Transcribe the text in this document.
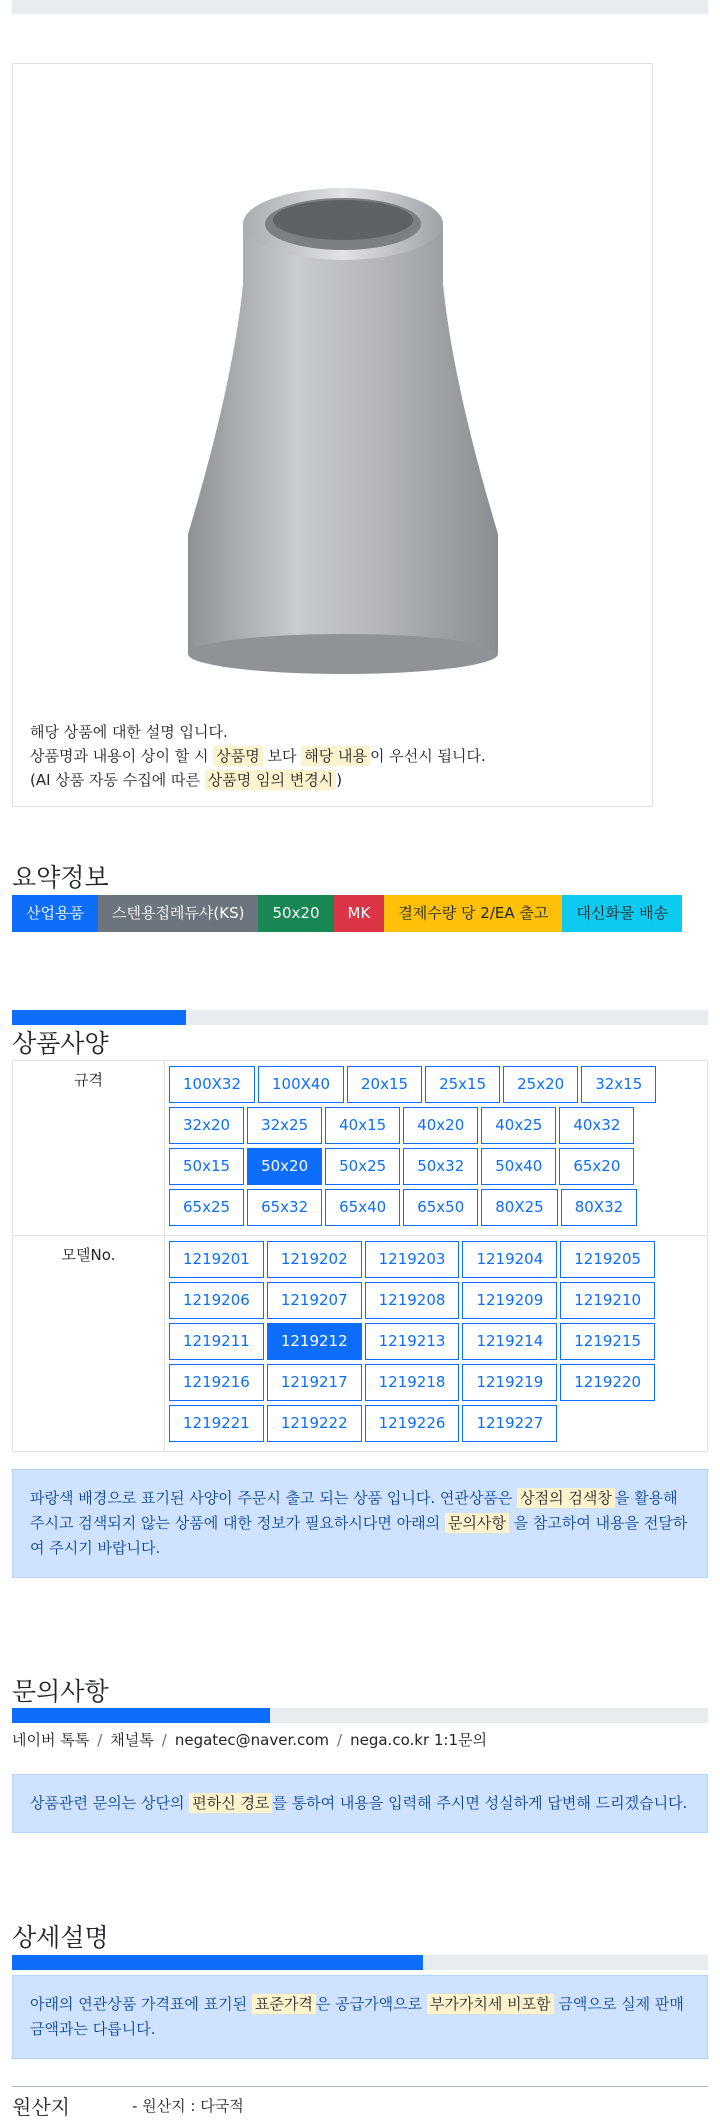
해당 상품에 대한 설명 입니다.
상품명과 내용이 상이 할 시 상품명 보다 해당 내용 이 우선시 됩니다.
(AI 상품 자동 수집에 따른 상품명 임의 변경시 )
요약정보
산업용품	스텐용접레듀샤(KS)	50x20	MK	결제수량 당 2/EA 출고	대신화물 배송
상품사양
규격	100X32	100X40	20x15	25x15	25x20	32x15
32x20	32x25	40x15	40x20	40x25	40x32
50x15	50x20	50x25	50x32	50x40	65x20
65x25	65x32	65x40	65x50	80X25	80X32
모델No.	1219201	1219202	1219203	1219204	1219205
1219206	1219207	1219208	1219209	1219210
1219211	1219212	1219213	1219214	1219215
1219216	1219217	1219218	1219219	1219220
1219221	1219222	1219226	1219227
파랑색 배경으로 표기된 사양이 주문시 출고 되는 상품 입니다. 연관상품은 상점의 검색창 을 활용해 주시고 검색되지 않는 상품에 대한 정보가 필요하시다면 아래의 문의사항 을 참고하여 내용을 전달하여 주시기 바랍니다.
문의사항
네이버 톡톡 / 채널톡 / negatec@naver.com / nega.co.kr 1:1문의
상품관련 문의는 상단의 편하신 경로 를 통하여 내용을 입력해 주시면 성실하게 답변해 드리겠습니다.
상세설명
아래의 연관상품 가격표에 표기된 표준가격 은 공급가액으로 부가가치세 비포함 금액으로 실제 판매금액과는 다릅니다.
원산지	- 원산지 : 다국적
